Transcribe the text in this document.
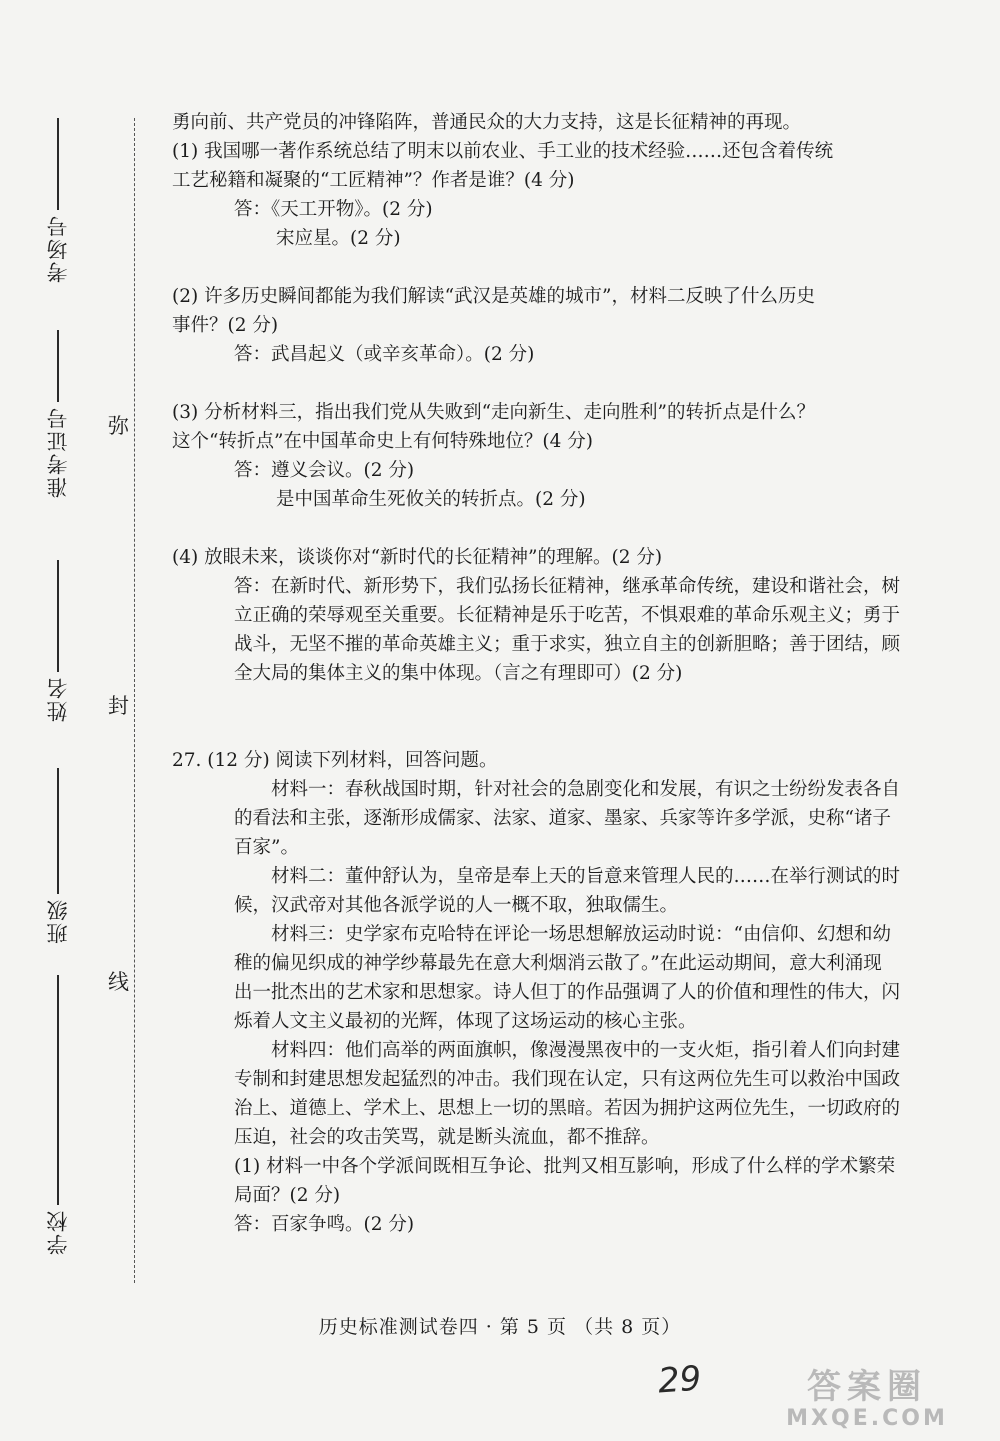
考场号
准考证号
姓名
班级
学校
弥
封
线

勇向前、共产党员的冲锋陷阵，普通民众的大力支持，这是长征精神的再现。

(1) 我国哪一著作系统总结了明末以前农业、手工业的技术经验……还包含着传统

工艺秘籍和凝聚的“工匠精神”？作者是谁？(4 分)

答：《天工开物》。(2 分)

宋应星。(2 分)

(2) 许多历史瞬间都能为我们解读“武汉是英雄的城市”，材料二反映了什么历史

事件？(2 分)

答：武昌起义（或辛亥革命）。(2 分)

(3) 分析材料三，指出我们党从失败到“走向新生、走向胜利”的转折点是什么？

这个“转折点”在中国革命史上有何特殊地位？(4 分)

答：遵义会议。(2 分)

是中国革命生死攸关的转折点。(2 分)

(4) 放眼未来，谈谈你对“新时代的长征精神”的理解。(2 分)

答：在新时代、新形势下，我们弘扬长征精神，继承革命传统，建设和谐社会，树

立正确的荣辱观至关重要。长征精神是乐于吃苦，不惧艰难的革命乐观主义；勇于

战斗，无坚不摧的革命英雄主义；重于求实，独立自主的创新胆略；善于团结，顾

全大局的集体主义的集中体现。（言之有理即可）(2 分)

27. (12 分) 阅读下列材料，回答问题。

材料一：春秋战国时期，针对社会的急剧变化和发展，有识之士纷纷发表各自

的看法和主张，逐渐形成儒家、法家、道家、墨家、兵家等许多学派，史称“诸子

百家”。

材料二：董仲舒认为，皇帝是奉上天的旨意来管理人民的……在举行测试的时

候，汉武帝对其他各派学说的人一概不取，独取儒生。

材料三：史学家布克哈特在评论一场思想解放运动时说：“由信仰、幻想和幼

稚的偏见织成的神学纱幕最先在意大利烟消云散了。”在此运动期间，意大利涌现

出一批杰出的艺术家和思想家。诗人但丁的作品强调了人的价值和理性的伟大，闪

烁着人文主义最初的光辉，体现了这场运动的核心主张。

材料四：他们高举的两面旗帜，像漫漫黑夜中的一支火炬，指引着人们向封建

专制和封建思想发起猛烈的冲击。我们现在认定，只有这两位先生可以救治中国政

治上、道德上、学术上、思想上一切的黑暗。若因为拥护这两位先生，一切政府的

压迫，社会的攻击笑骂，就是断头流血，都不推辞。

(1) 材料一中各个学派间既相互争论、批判又相互影响，形成了什么样的学术繁荣

局面？(2 分)

答：百家争鸣。(2 分)

历史标准测试卷四 · 第 5 页 （共 8 页）
29	答案圈
MXQE.COM
